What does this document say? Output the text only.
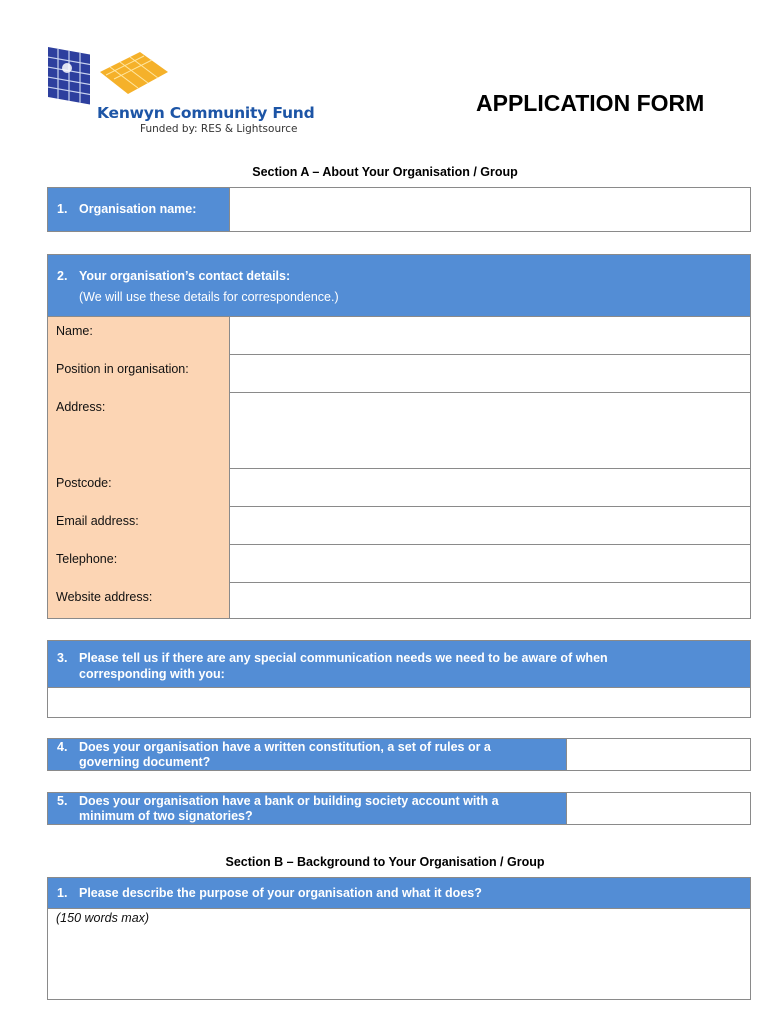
Kenwyn Community Fund
Funded by: RES & Lightsource
APPLICATION FORM
Section A – About Your Organisation / Group
1. Organisation name:
2. Your organisation’s contact details:
(We will use these details for correspondence.)
Name:
Position in organisation:
Address:
Postcode:
Email address:
Telephone:
Website address:
3. Please tell us if there are any special communication needs we need to be aware of when
corresponding with you:
4. Does your organisation have a written constitution, a set of rules or a
governing document?
5. Does your organisation have a bank or building society account with a
minimum of two signatories?
Section B – Background to Your Organisation / Group
1. Please describe the purpose of your organisation and what it does?
(150 words max)
